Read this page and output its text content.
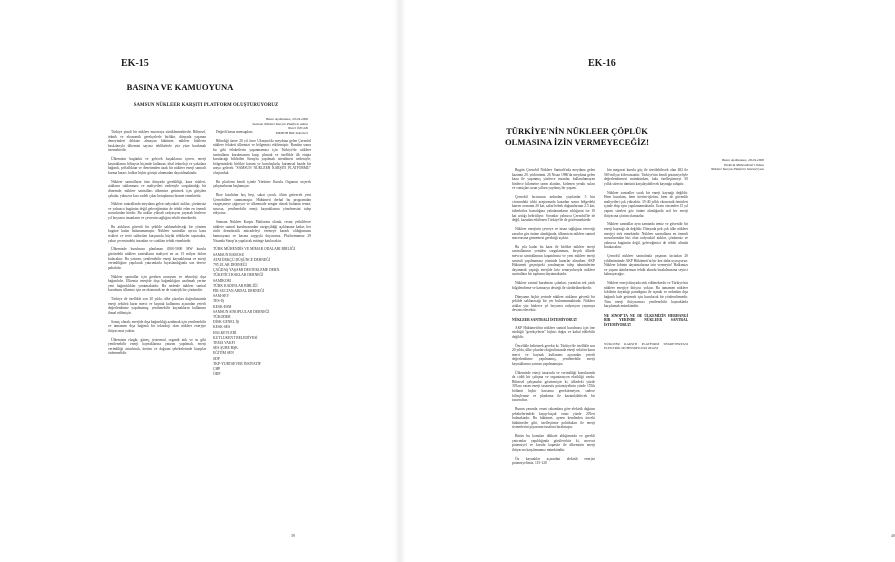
EK-15
BASINA VE KAMUOYUNA
SAMSUN NÜKLEER KARŞITI PLATFORM OLUŞTURUYORUZ
Basın Açıklaması, 20.04.2006
Samsun Nükleer Karşıtı Platform adına
Nurel ÖZCAN
TMMOB İKK Sekreteri

Türkiye şimdi bir nükleer maceraya sürüklenmektedir. Bilimsel, teknik ve ekonomik gerekçelerle birlikte, dünyada yaşanan deneyimleri dikkate almayan hükümet, nükleer lobilerin baskılarıyla ülkemizi sayısız tehlikelerle yüz yüze bırakmak istemektedir.

Ülkemizin bugünkü ve gelecek kuşaklarını içeren, enerji kaynaklarını bilinçsiz biçimde kullanan, ithal teknoloji ve yakıtlara bağımlı, şeffaflıktan ve denetimden uzak bir nükleer enerji santrali kurma kararı, halkın hiçbir görüşü alınmadan dayatılmaktadır.

Nükleer santralların tüm dünyada gerekliliği, kaza riskleri, atıkların saklanması ve maliyetleri nedeniyle sorgulandığı bir dönemde, nükleer santralları ülkemize getirmek için girişilen çabalar, yalnızca kısa vadeli çıkar hesaplarına hizmet etmektedir.

Nükleer santrallarda meydana gelen radyoaktif atıklar, çözümsüz ve yalnızca bugünün değil geleceğimizin de tehdit eden en önemli sorunlardan biridir. Bu atıklar yüksek radyasyon yayarak binlerce yıl boyunca insanların ve çevrenin sağlığını tehdit etmektedir.

Bu atıkların güvenli bir şekilde saklanabileceği bir yöntem bugüne kadar bulunamamıştır. Nükleer santrallar ayrıca kaza riskleri ve terör saldırıları karşısında büyük tehlikeler taşımakta, yakın çevresindeki insanları ve canlıları tehdit etmektedir.

Ülkemizde kurulması planlanan 4500-5000 MW kurulu gücündeki nükleer santralların maliyeti en az 15 milyar doları bulacaktır. Bu yatırım, yenilenebilir enerji kaynaklarına ve enerji verimliliğine yapılacak yatırımlarla kıyaslandığında son derece pahalıdır.

Nükleer santrallar için gereken uranyum ve teknoloji dışa bağımlıdır. Ülkemiz enerjide dışa bağımlılığını azaltmak yerine yeni bağımlılıklar yaratmaktadır. Bu nedenle nükleer santral kurulması ülkemiz için ne ekonomik ne de stratejik bir çözümdür.

Türkiye de özellikle son 20 yılda, ülke çıkarları doğrultusunda enerji sektörü karar merci ve kaynak kullanımı açısından yeterli değerlendirme yapılmamış, yenilenebilir kaynakların kullanımı ihmal edilmiştir.

Sonuç olarak; enerjide dışa bağımlılığı azaltmak için yenilenebilir ve tamamen dışa bağımlı bir teknoloji olan nükleer enerjiye ihtiyacımız yoktur.

Ülkemizin rüzgâr, güneş, jeotermal, organik atık ve su gibi yenilenebilir enerji kaynaklarına yatırım yapılmalı, enerji verimliliği artırılmalı, üretim ve dağıtım şebekelerinde kayıplar önlenmelidir.

Değerli basın mensupları;

Bilindiği üzere 20 yıl önce Ukrayna'da meydana gelen Çernobil nükleer felaketi ülkemizi ve bölgemizi etkilemiştir. Bundan sonra bu gibi felaketlerin yaşanmaması için Türkiye'de nükleer santralların kurulmasına karşı çıkmak ve özellikle ilk etapta kurulacağı bildirilen Sinop'ta yapılmak istenilmesi nedeniyle, bölgemizdeki birlikte kurum ve kuruluşlarla, kurumsal bazda bir araya gelerek "SAMSUN NÜKLEER KARŞITI PLATFORMU" oluşturduk.

Bu platform kendi içinde Yürütme Kurulu Organını seçerek çalışmalarına başlamıştır.

Bize kısaltılan boş beşi, sakat çocuk, ölüm getirecek yeni Çernobillere sunmamıştır. Hükümeti derhal bu programdan vazgeçmeye çağırıyor ve ülkemizde zengin olarak bulunan temiz, sınırsız, yenilenebilir enerji kaynaklarına yönelmesini talep ediyoruz.

Samsun Nükleer Karşıtı Platformu olarak, resmi yetkililerce nükleer santral kurulmasından vazgeçildiği açıklanana kadar, her türlü demokratik mücadeleyi vermeye kararlı olduğumuzu kamuoyuna ve basına saygıyla duyururuz. Platformumuz 29 Nisanda Sinop'ta yapılacak mitinge katılacaktır.

TÜRK MÜHENDİS VE MİMAR ODALARI BİRLİĞİ
SAMSUN BAROSU
ATATÜRKÇÜ DÜŞÜNCE DERNEĞİ
79'LULAR DERNEĞİ
ÇAĞDAŞ YAŞAMI DESTEKLEME DERN.
TÜKETİCİ HAKLAR DERNEĞİ
SAMİKOM
TÜRK KADINLAR BİRLİĞİ
PİR SULTAN ABDAL DERNEĞİ
SAM-SEV
TES-İŞ
KESK-ESM
SAMSUN SİNOPLULAR DERNEĞİ
TÜKODER
DİSK-GENEL İŞ
KESK-SES
HALKEVLERİ
KUTLUKENT BELEDİYESİ
TEMA VAKFI
SES ŞUBE BŞK.
EĞİTİM SEN
SDP
TKP-YURTSEVER İNSİYATİF
CHP
ÖDP
39
EK-16
TÜRKİYE'NİN NÜKLEER ÇÖPLÜK OLMASINA İZİN VERMEYECEĞİZ!
Basın Açıklaması, 28.04.2006
Elektrik Mühendisleri Odası
Nükleer Karşıtı Platform Sekreteryası

Bugün Çernobil Nükleer Santrali'nda meydana gelen kazanın 20. yıldönümü. 26 Nisan 1986'da meydana gelen kaza ile yaşanmış yüzlerce insanlar, kullanılamayan binlerce kilometre tarım alanları, kirlenen yeraltı suları ve sonuçları uzun yıllara yayılmış bir yaşam.

Çernobil faciasının ardından yayılanlar 5 bin civarındaki tıbbi araştırmada kazadan sonra bölgedeki kanser oranının 20 kat, sakat bebek doğumlarının 2.5 kat, tüberküloz hastalığına yakalananların sıklığının ise 10 kat arttığı belirtiliyor. Sorunlar yalnızca Çernobil'de de değil, kazadan etkilenen Türkiye'de de gözlenmektedir.

Nükleer enerjinin çevreye ve insan sağlığına vereceği zararlar göz önüne alındığında, ülkemizin nükleer santral macerasına girmemesi gerektiği açıktır.

Bu yıla kadar bu kaza ile birlikte nükleer enerji santrallarının yeniden sorgulanması, birçok ülkede mevcut santrallarının kapatılması ve yeni nükleer enerji santrali yapılmaması yönünde kararlar alınırken, AKP Hükümeti geçmişteki yanılmayan talep tahminlerine dayanarak yaptığı enerjide kriz senaryolarıyla nükleer santrallara bir toplumu dayatmaktadır.

Nükleer santral kurulması çabaları, yaratılan tek yanlı bilgilendirme ve kamuoyu desteği ile sürdürülmektedir.

Dünyanın hiçbir yerinde nükleer atıkların güvenli bir şekilde saklanacağı bir yer bulunmamaktadır. Nükleer atıklar yüz binlerce yıl boyunca radyasyon yaymaya devam edecektir.

NÜKLEER SANTRALİ İSTEMİYORUZ!

AKP Hükümeti'nin nükleer santral kurulması için öne sürdüğü "gerekçelerin" hiçbiri doğru ve kabul edilebilir değildir.

Öncelikle belirtmek gerekir ki, Türkiye'de özellikle son 20 yılda, ülke çıkarları doğrultusunda enerji sektörü karar merci ve kaynak kullanımı açısından yeterli değerlendirme yapılmamış, yenilenebilir enerji kaynaklarına yatırım yapılmamıştır.

Ülkemizde enerji tasarrufu ve verimliliği konularında da ciddi bir çalışma ve organizasyon eksikliği vardır. Bilimsel çalışmalar göstermiştir ki, ülkedeki yüzde 30'lara varan enerji tasarrufu potansiyelinin yüzde 15'lik bölümü hiçbir harcama gerektirmeyen, sadece bilinçlenme ve planlama ile kazanılabilecek bir tasarruftur.

Bunun yanında, resmi rakamlara göre elektrik dağıtım şebekelerindeki kayıp-kaçak oranı yüzde 20'leri bulmaktadır. Bu hükümet, aynen kendinden önceki hükümetler gibi, özelleştirme politikaları ile enerji sistemlerini piyasanın insafına bırakmıştır.

Bütün bu konuları dikkate aldığımızda ve gerekli yatırımlar yapıldığında görülecektir ki, mevcut potansiyel ve kurulu kapasite ile ülkemizin enerji ihtiyacını karşılamamız mümkündür.

Öz kaynaklar açısından elektrik enerjisi potansiyelimiz, 115-120

bin megavat kurulu güç ile üretilebilecek olan 482 ile 569 milyar kilovatsaattir. Türkiye'nin kendi potansiyeliyle değerlendirmesi mümkünken, hala özelleştirmeyi 30 yıllık sürecin tümünü karşılayabilecek kaynağa sahiptir.

Nükleer santraller sıcak bir enerji kaynağı değildir. Hem kurulum, hem üretim-işletim, hem de güvenlik maliyetleri çok yüksektir. 35-40 yıllık ekonomik ömürleri içinde ekip aynı yapılamamaktadır. Uranı cinsinden 15 yıl yapım süreleri göz önüne alındığında acil bir enerji ihtiyacına çözüm olamazlar.

Nükleer santrallar aynı zamanda temiz ve güvenilir bir enerji kaynağı da değildir. Dünyada pek çok ülke nükleer enerjiyi terk etmektedir. Nükleer santralların en önemli sorunlarından biri olan radyoaktif atıklar, çözümsüz ve yalnızca bugünün değil, geleceğimizi de tehdit altında bırakacaktır.

Çernobil nükleer santralında yaşanan faciadan 20 yıldönümünde AKP Hükümeti'ni bir kez daha uyarıyoruz: Nükleer lobinin dayatmalarına izin vermeyin! Halkımızı ve yaşam alanlarımızı tehdit altında bırakılmasına seyirci kalmayacağız.

Nükleer enerji dünyada terk edilmektedir ve Türkiye'nin nükleer enerjiye ihtiyacı yoktur. Bu tamamen nükleer lobilerin dayattığı paradigma ile açmak ve ardından dışa bağımlı hale getirmek için kurulacak bir yönlendirmedir. Tüm enerji ihtiyacımızı yenilenebilir kaynaklarla karşılamak mümkündür.

NE SİNOP'TA NE DE ÜLKEMİZİN HERHANGİ BİR YERİNDE NÜKLEER SANTRAL İSTEMİYORUZ!

NÜKLEER KARŞITI PLATFORM SEKRETERYASI ELEKTRİK MÜHENDİSLERİ ODASI

40
